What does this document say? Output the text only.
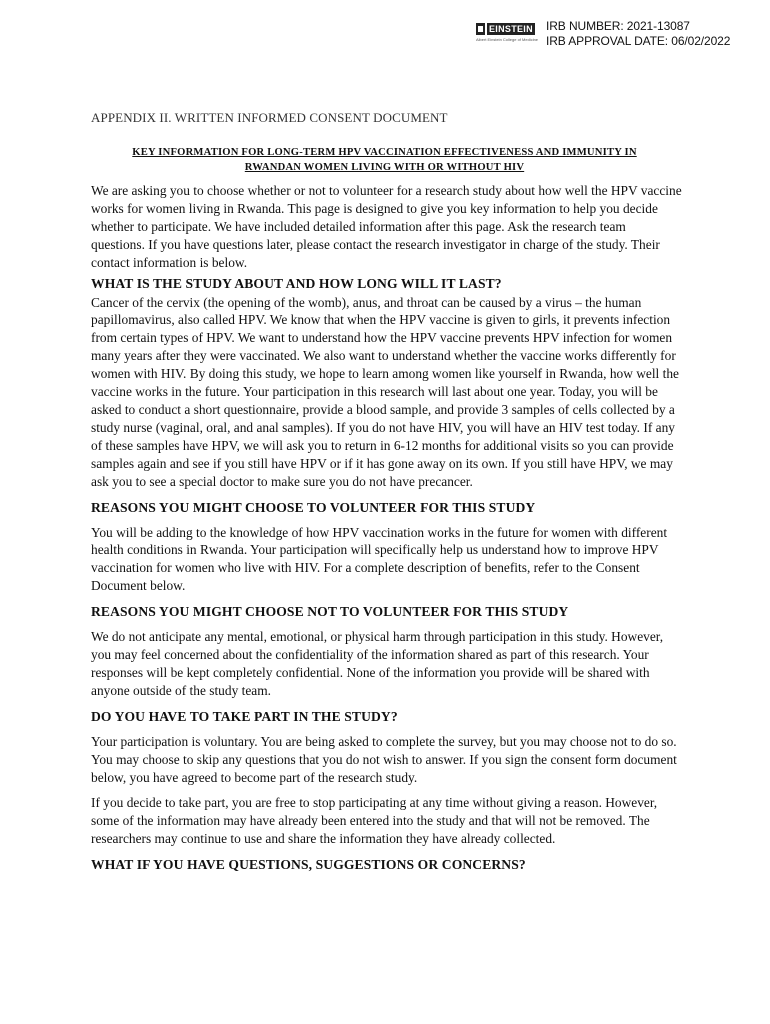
EINSTEIN
Albert Einstein College of Medicine
IRB NUMBER: 2021-13087
IRB APPROVAL DATE: 06/02/2022
APPENDIX II. WRITTEN INFORMED CONSENT DOCUMENT
KEY INFORMATION FOR LONG-TERM HPV VACCINATION EFFECTIVENESS AND IMMUNITY IN
RWANDAN WOMEN LIVING WITH OR WITHOUT HIV

We are asking you to choose whether or not to volunteer for a research study about how well the HPV vaccine works for women living in Rwanda. This page is designed to give you key information to help you decide whether to participate. We have included detailed information after this page. Ask the research team questions. If you have questions later, please contact the research investigator in charge of the study. Their contact information is below.

WHAT IS THE STUDY ABOUT AND HOW LONG WILL IT LAST?

Cancer of the cervix (the opening of the womb), anus, and throat can be caused by a virus – the human papillomavirus, also called HPV. We know that when the HPV vaccine is given to girls, it prevents infection from certain types of HPV. We want to understand how the HPV vaccine prevents HPV infection for women many years after they were vaccinated. We also want to understand whether the vaccine works differently for women with HIV. By doing this study, we hope to learn among women like yourself in Rwanda, how well the vaccine works in the future. Your participation in this research will last about one year. Today, you will be asked to conduct a short questionnaire, provide a blood sample, and provide 3 samples of cells collected by a study nurse (vaginal, oral, and anal samples). If you do not have HIV, you will have an HIV test today. If any of these samples have HPV, we will ask you to return in 6-12 months for additional visits so you can provide samples again and see if you still have HPV or if it has gone away on its own. If you still have HPV, we may ask you to see a special doctor to make sure you do not have precancer.

REASONS YOU MIGHT CHOOSE TO VOLUNTEER FOR THIS STUDY

You will be adding to the knowledge of how HPV vaccination works in the future for women with different health conditions in Rwanda. Your participation will specifically help us understand how to improve HPV vaccination for women who live with HIV. For a complete description of benefits, refer to the Consent Document below.

REASONS YOU MIGHT CHOOSE NOT TO VOLUNTEER FOR THIS STUDY

We do not anticipate any mental, emotional, or physical harm through participation in this study. However, you may feel concerned about the confidentiality of the information shared as part of this research. Your responses will be kept completely confidential. None of the information you provide will be shared with anyone outside of the study team.

DO YOU HAVE TO TAKE PART IN THE STUDY?

Your participation is voluntary. You are being asked to complete the survey, but you may choose not to do so. You may choose to skip any questions that you do not wish to answer. If you sign the consent form document below, you have agreed to become part of the research study.

If you decide to take part, you are free to stop participating at any time without giving a reason. However, some of the information may have already been entered into the study and that will not be removed. The researchers may continue to use and share the information they have already collected.

WHAT IF YOU HAVE QUESTIONS, SUGGESTIONS OR CONCERNS?
